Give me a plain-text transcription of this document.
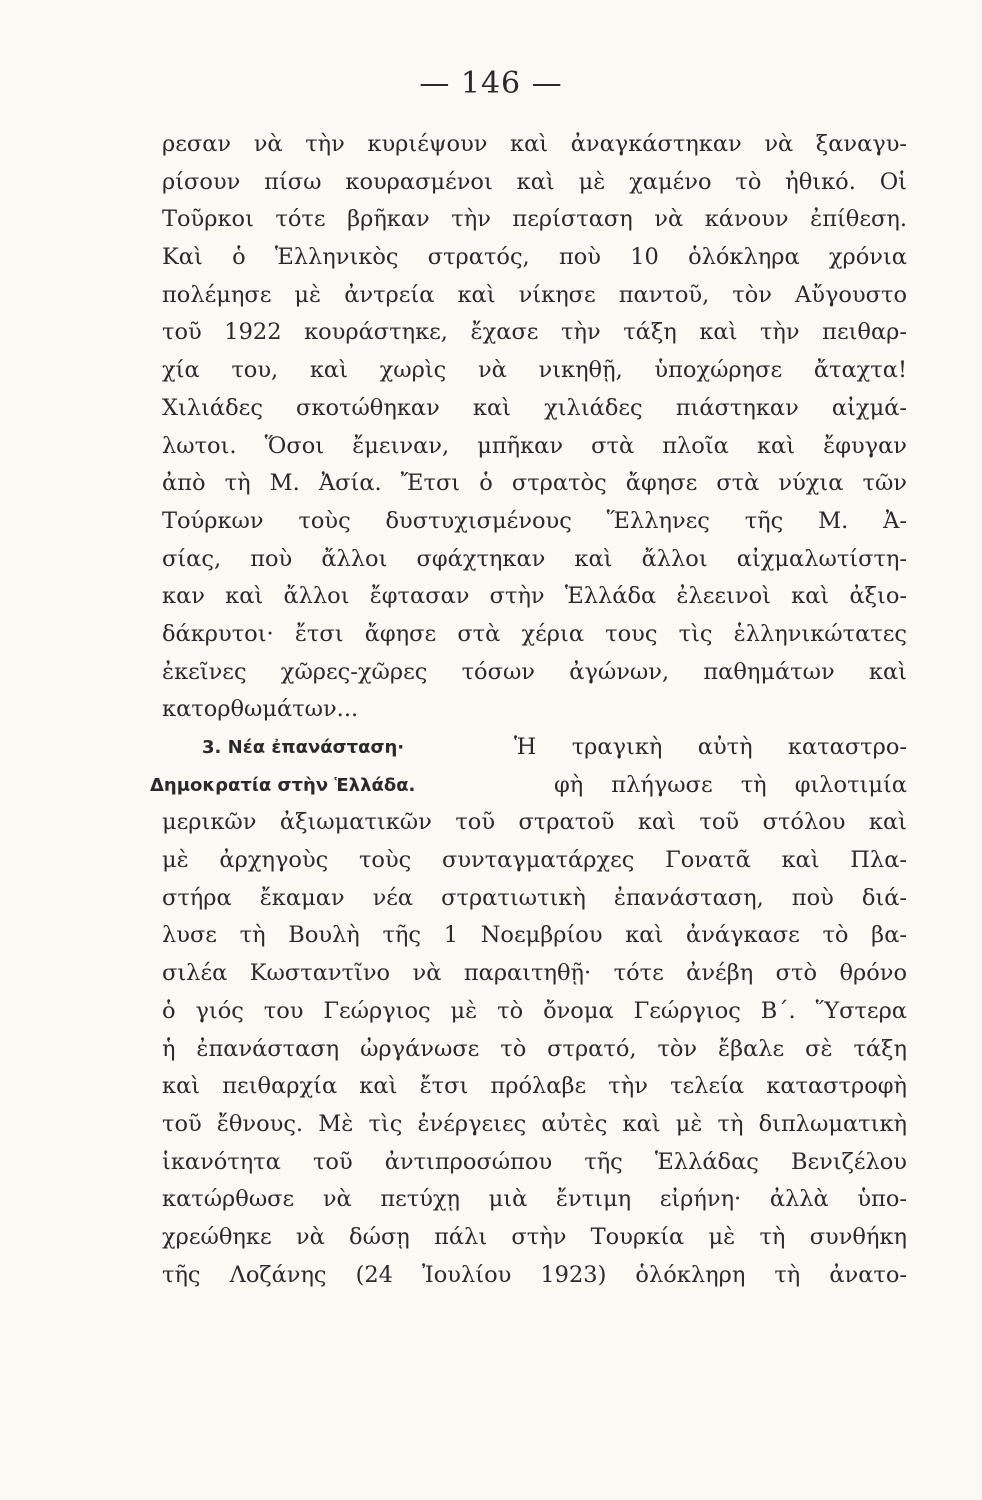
— 146 —
ρεσαν νὰ τὴν κυριέψουν καὶ ἀναγκάστηκαν νὰ ξαναγυ-
ρίσουν πίσω κουρασμένοι καὶ μὲ χαμένο τὸ ἠθικό. Οἱ
Τοῦρκοι τότε βρῆκαν τὴν περίσταση νὰ κάνουν ἐπίθεση.
Καὶ ὁ Ἑλληνικὸς στρατός, ποὺ 10 ὁλόκληρα χρόνια
πολέμησε μὲ ἀντρεία καὶ νίκησε παντοῦ, τὸν Αὔγουστο
τοῦ 1922 κουράστηκε, ἔχασε τὴν τάξη καὶ τὴν πειθαρ-
χία του, καὶ χωρὶς νὰ νικηθῇ, ὑποχώρησε ἄταχτα!
Χιλιάδες σκοτώθηκαν καὶ χιλιάδες πιάστηκαν αἰχμά-
λωτοι. Ὅσοι ἔμειναν, μπῆκαν στὰ πλοῖα καὶ ἔφυγαν
ἀπὸ τὴ Μ. Ἀσία. Ἔτσι ὁ στρατὸς ἄφησε στὰ νύχια τῶν
Τούρκων τοὺς δυστυχισμένους Ἕλληνες τῆς Μ. Ἀ-
σίας, ποὺ ἄλλοι σφάχτηκαν καὶ ἄλλοι αἰχμαλωτίστη-
καν καὶ ἄλλοι ἔφτασαν στὴν Ἑλλάδα ἐλεεινοὶ καὶ ἀξιο-
δάκρυτοι· ἔτσι ἄφησε στὰ χέρια τους τὶς ἑλληνικώτατες
ἐκεῖνες χῶρες-χῶρες τόσων ἀγώνων, παθημάτων καὶ
κατορθωμάτων...
3. Νέα ἐπανάσταση·	Ἡ τραγικὴ αὐτὴ καταστρο-
Δημοκρατία στὴν Ἑλλάδα.	φὴ πλήγωσε τὴ φιλοτιμία
μερικῶν ἀξιωματικῶν τοῦ στρατοῦ καὶ τοῦ στόλου καὶ
μὲ ἀρχηγοὺς τοὺς συνταγματάρχες Γονατᾶ καὶ Πλα-
στήρα ἔκαμαν νέα στρατιωτικὴ ἐπανάσταση, ποὺ διά-
λυσε τὴ Βουλὴ τῆς 1 Νοεμβρίου καὶ ἀνάγκασε τὸ βα-
σιλέα Κωσταντῖνο νὰ παραιτηθῇ· τότε ἀνέβη στὸ θρόνο
ὁ γιός του Γεώργιος μὲ τὸ ὄνομα Γεώργιος Β΄. Ὕστερα
ἡ ἐπανάσταση ὠργάνωσε τὸ στρατό, τὸν ἔβαλε σὲ τάξη
καὶ πειθαρχία καὶ ἔτσι πρόλαβε τὴν τελεία καταστροφὴ
τοῦ ἔθνους. Μὲ τὶς ἐνέργειες αὐτὲς καὶ μὲ τὴ διπλωματικὴ
ἱκανότητα τοῦ ἀντιπροσώπου τῆς Ἑλλάδας Βενιζέλου
κατώρθωσε νὰ πετύχῃ μιὰ ἔντιμη εἰρήνη· ἀλλὰ ὑπο-
χρεώθηκε νὰ δώσῃ πάλι στὴν Τουρκία μὲ τὴ συνθήκη
τῆς Λοζάνης (24 Ἰουλίου 1923) ὁλόκληρη τὴ ἀνατο-
